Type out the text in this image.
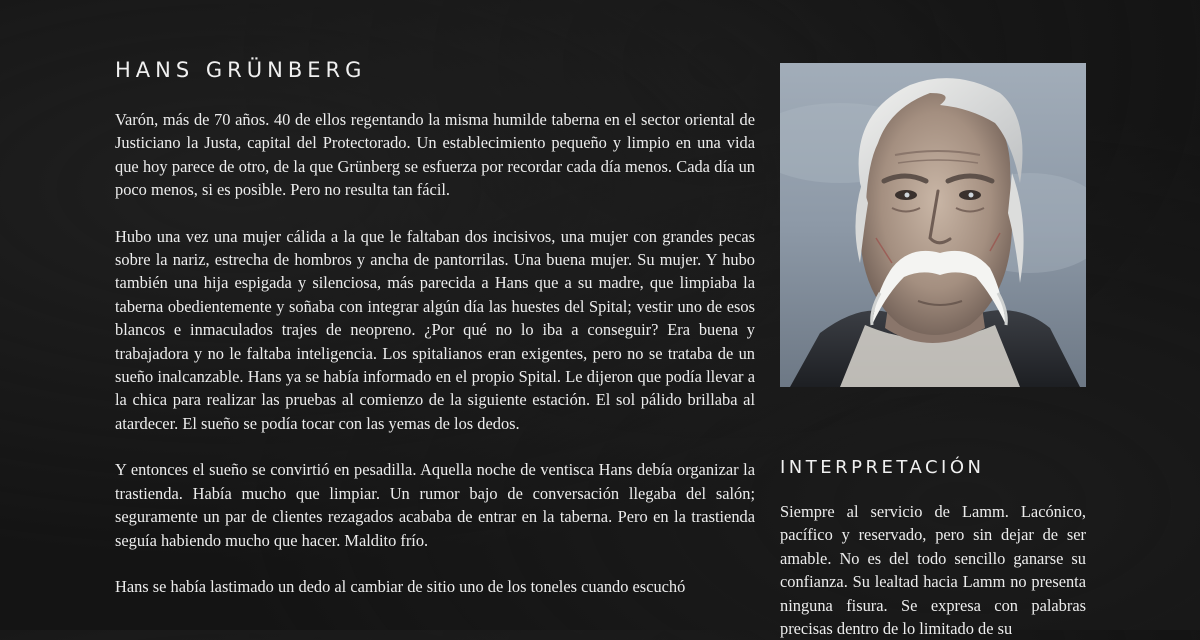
HANS GRÜNBERG

Varón, más de 70 años. 40 de ellos regentando la misma humilde taberna en el sector oriental de Justiciano la Justa, capital del Protectorado. Un establecimiento pequeño y limpio en una vida que hoy parece de otro, de la que Grünberg se esfuerza por recordar cada día menos. Cada día un poco menos, si es posible. Pero no resulta tan fácil.

Hubo una vez una mujer cálida a la que le faltaban dos incisivos, una mujer con grandes pecas sobre la nariz, estrecha de hombros y ancha de pantorrilas. Una buena mujer. Su mujer. Y hubo también una hija espigada y silenciosa, más parecida a Hans que a su madre, que limpiaba la taberna obedientemente y soñaba con integrar algún día las huestes del Spital; vestir uno de esos blancos e inmaculados trajes de neopreno. ¿Por qué no lo iba a conseguir? Era buena y trabajadora y no le faltaba inteligencia. Los spitalianos eran exigentes, pero no se trataba de un sueño inalcanzable. Hans ya se había informado en el propio Spital. Le dijeron que podía llevar a la chica para realizar las pruebas al comienzo de la siguiente estación. El sol pálido brillaba al atardecer. El sueño se podía tocar con las yemas de los dedos.

Y entonces el sueño se convirtió en pesadilla. Aquella noche de ventisca Hans debía organizar la trastienda. Había mucho que limpiar. Un rumor bajo de conversación llegaba del salón; seguramente un par de clientes rezagados acababa de entrar en la taberna. Pero en la trastienda seguía habiendo mucho que hacer. Maldito frío.

Hans se había lastimado un dedo al cambiar de sitio uno de los toneles cuando escuchó

INTERPRETACIÓN

Siempre al servicio de Lamm. Lacónico, pacífico y reservado, pero sin dejar de ser amable. No es del todo sencillo ganarse su confianza. Su lealtad hacia Lamm no presenta ninguna fisura. Se expresa con palabras precisas dentro de lo limitado de su
